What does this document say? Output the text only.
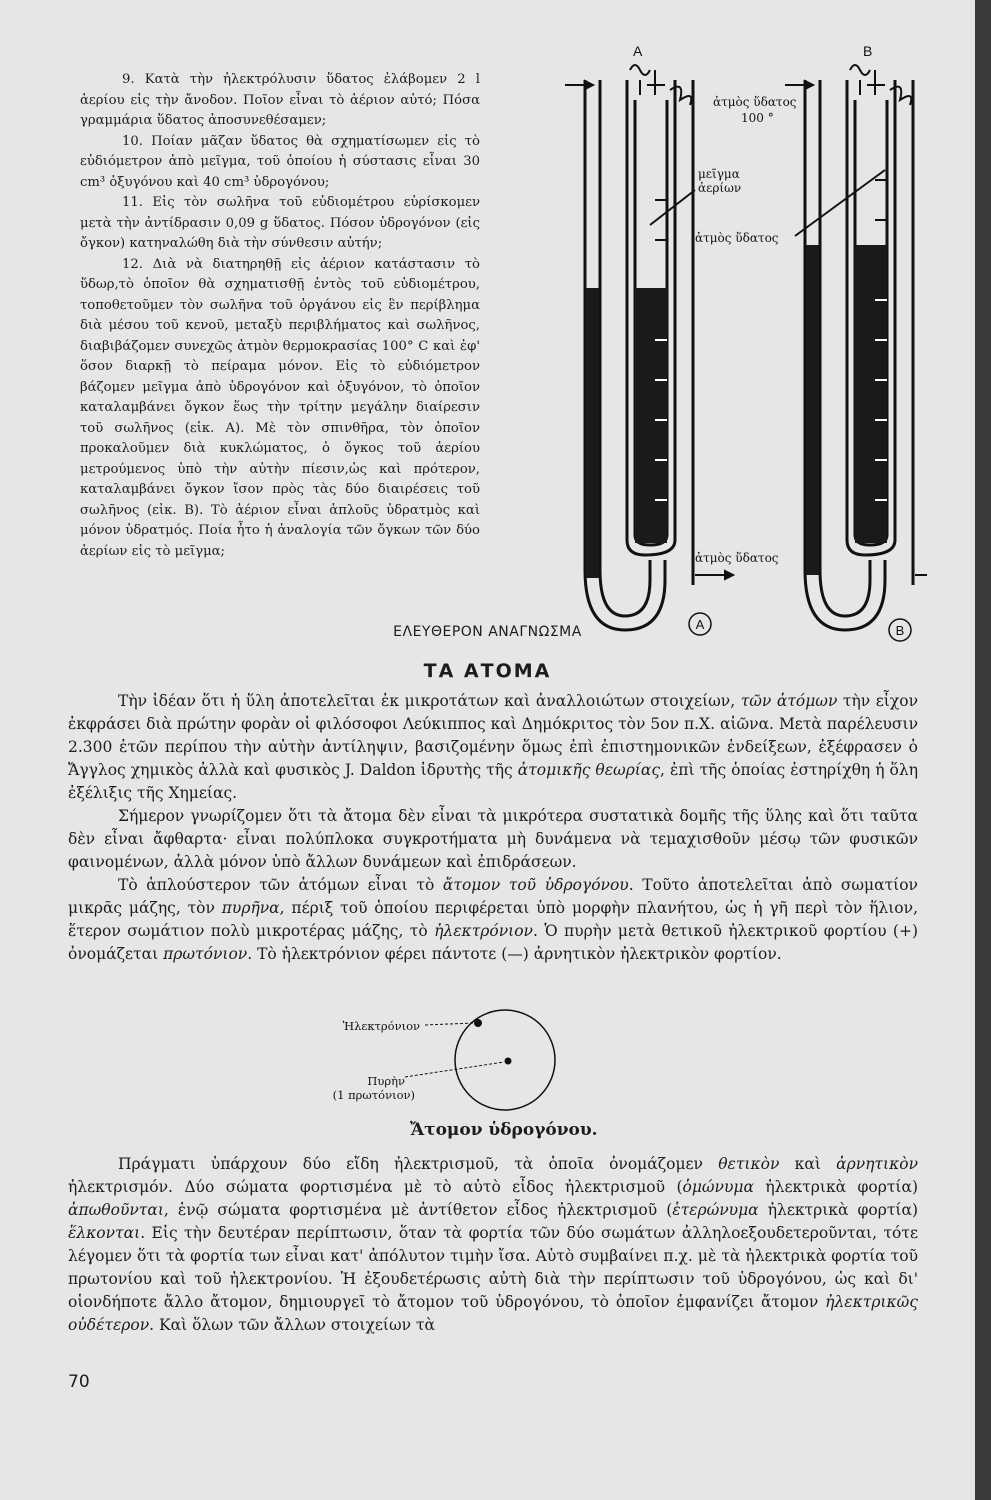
9. Κατὰ τὴν ἠλεκτρόλυσιν ὕδατος ἐλάβομεν 2 l ἀερίου εἰς τὴν ἄνοδον. Ποῖον εἶναι τὸ ἀέριον αὐτό; Πόσα γραμμάρια ὕδατος ἀποσυνεθέσαμεν;

10. Ποίαν μᾶζαν ὕδατος θὰ σχηματίσωμεν εἰς τὸ εὐδιόμετρον ἀπὸ μεῖγμα, τοῦ ὁποίου ἡ σύστασις εἶναι 30 cm³ ὀξυγόνου καὶ 40 cm³ ὑδρογόνου;

11. Εἰς τὸν σωλῆνα τοῦ εὐδιομέτρου εὑρίσκομεν μετὰ τὴν ἀντίδρασιν 0,09 g ὕδατος. Πόσον ὑδρογόνον (εἰς ὄγκον) κατηναλώθη διὰ τὴν σύνθεσιν αὐτήν;

12. Διὰ νὰ διατηρηθῇ εἰς ἀέριον κατάστασιν τὸ ὕδωρ,τὸ ὁποῖον θὰ σχηματισθῇ ἐντὸς τοῦ εὐδιομέτρου, τοποθετοῦμεν τὸν σωλῆνα τοῦ ὀργάνου εἰς ἓν περίβλημα διὰ μέσου τοῦ κενοῦ, μεταξὺ περιβλήματος καὶ σωλῆνος, διαβιβάζομεν συνεχῶς ἀτμὸν θερμοκρασίας 100° C καὶ ἐφ' ὅσον διαρκῇ τὸ πείραμα μόνον. Εἰς τὸ εὐδιόμετρον βάζομεν μεῖγμα ἀπὸ ὑδρογόνον καὶ ὀξυγόνον, τὸ ὁποῖον καταλαμβάνει ὄγκον ἕως τὴν τρίτην μεγάλην διαίρεσιν τοῦ σωλῆνος (εἰκ. Α). Μὲ τὸν σπινθῆρα, τὸν ὁποῖον προκαλοῦμεν διὰ κυκλώματος, ὁ ὄγκος τοῦ ἀερίου μετρούμενος ὑπὸ τὴν αὐτὴν πίεσιν,ὡς καὶ πρότερον, καταλαμβάνει ὄγκον ἴσον πρὸς τὰς δύο διαιρέσεις τοῦ σωλῆνος (εἰκ. Β). Τὸ ἀέριον εἶναι ἁπλοῦς ὑδρατμὸς καὶ μόνον ὑδρατμός. Ποία ἦτο ἡ ἀναλογία τῶν ὄγκων τῶν δύο ἀερίων εἰς τὸ μεῖγμα;

A	B
ἀτμὸς ὕδατος
100 °
μεῖγμα
ἀερίων
ἀτμὸς ὕδατος
ἀτμὸς ὕδατος
A	B
ΕΛΕΥΘΕΡΟΝ ΑΝΑΓΝΩΣΜΑ
ΤΑ ΑΤΟΜΑ

Τὴν ἰδέαν ὅτι ἡ ὕλη ἀποτελεῖται ἐκ μικροτάτων καὶ ἀναλλοιώτων στοιχείων, τῶν ἀτόμων τὴν εἶχον ἐκφράσει διὰ πρώτην φορὰν οἱ φιλόσοφοι Λεύκιππος καὶ Δημόκριτος τὸν 5ον π.Χ. αἰῶνα. Μετὰ παρέλευσιν 2.300 ἐτῶν περίπου τὴν αὐτὴν ἀντίληψιν, βασιζομένην ὅμως ἐπὶ ἐπιστημονικῶν ἐνδείξεων, ἐξέφρασεν ὁ Ἄγγλος χημικὸς ἀλλὰ καὶ φυσικὸς J. Daldon ἱδρυτὴς τῆς ἀτομικῆς θεωρίας, ἐπὶ τῆς ὁποίας ἐστηρίχθη ἡ ὅλη ἐξέλιξις τῆς Χημείας.

Σήμερον γνωρίζομεν ὅτι τὰ ἄτομα δὲν εἶναι τὰ μικρότερα συστατικὰ δομῆς τῆς ὕλης καὶ ὅτι ταῦτα δὲν εἶναι ἄφθαρτα· εἶναι πολύπλοκα συγκροτήματα μὴ δυνάμενα νὰ τεμαχισθοῦν μέσῳ τῶν φυσικῶν φαινομένων, ἀλλὰ μόνον ὑπὸ ἄλλων δυνάμεων καὶ ἐπιδράσεων.

Τὸ ἁπλούστερον τῶν ἀτόμων εἶναι τὸ ἄτομον τοῦ ὑδρογόνου. Τοῦτο ἀποτελεῖται ἀπὸ σωματίον μικρᾶς μάζης, τὸν πυρῆνα, πέριξ τοῦ ὁποίου περιφέρεται ὑπὸ μορφὴν πλανήτου, ὡς ἡ γῆ περὶ τὸν ἥλιον, ἕτερον σωμάτιον πολὺ μικροτέρας μάζης, τὸ ἠλεκτρόνιον. Ὁ πυρὴν μετὰ θετικοῦ ἠλεκτρικοῦ φορτίου (+) ὀνομάζεται πρωτόνιον. Τὸ ἠλεκτρόνιον φέρει πάντοτε (—) ἀρνητικὸν ἠλεκτρικὸν φορτίον.

Ἠλεκτρόνιον
Πυρὴν
(1 πρωτόνιον)
Ἄτομον ὑδρογόνου.

Πράγματι ὑπάρχουν δύο εἴδη ἠλεκτρισμοῦ, τὰ ὁποῖα ὀνομάζομεν θετικὸν καὶ ἀρνητικὸν ἠλεκτρισμόν. Δύο σώματα φορτισμένα μὲ τὸ αὐτὸ εἶδος ἠλεκτρισμοῦ (ὁμώνυμα ἠλεκτρικὰ φορτία) ἀπωθοῦνται, ἐνῷ σώματα φορτισμένα μὲ ἀντίθετον εἶδος ἠλεκτρισμοῦ (ἑτερώνυμα ἠλεκτρικὰ φορτία) ἕλκονται. Εἰς τὴν δευτέραν περίπτωσιν, ὅταν τὰ φορτία τῶν δύο σωμάτων ἀλληλοεξουδετεροῦνται, τότε λέγομεν ὅτι τὰ φορτία των εἶναι κατ' ἀπόλυτον τιμὴν ἴσα. Αὐτὸ συμβαίνει π.χ. μὲ τὰ ἠλεκτρικὰ φορτία τοῦ πρωτονίου καὶ τοῦ ἠλεκτρονίου. Ἡ ἐξουδετέρωσις αὐτὴ διὰ τὴν περίπτωσιν τοῦ ὑδρογόνου, ὡς καὶ δι' οἱονδήποτε ἄλλο ἄτομον, δημιουργεῖ τὸ ἄτομον τοῦ ὑδρογόνου, τὸ ὁποῖον ἐμφανίζει ἄτομον ἠλεκτρικῶς οὐδέτερον. Καὶ ὅλων τῶν ἄλλων στοιχείων τὰ

70
